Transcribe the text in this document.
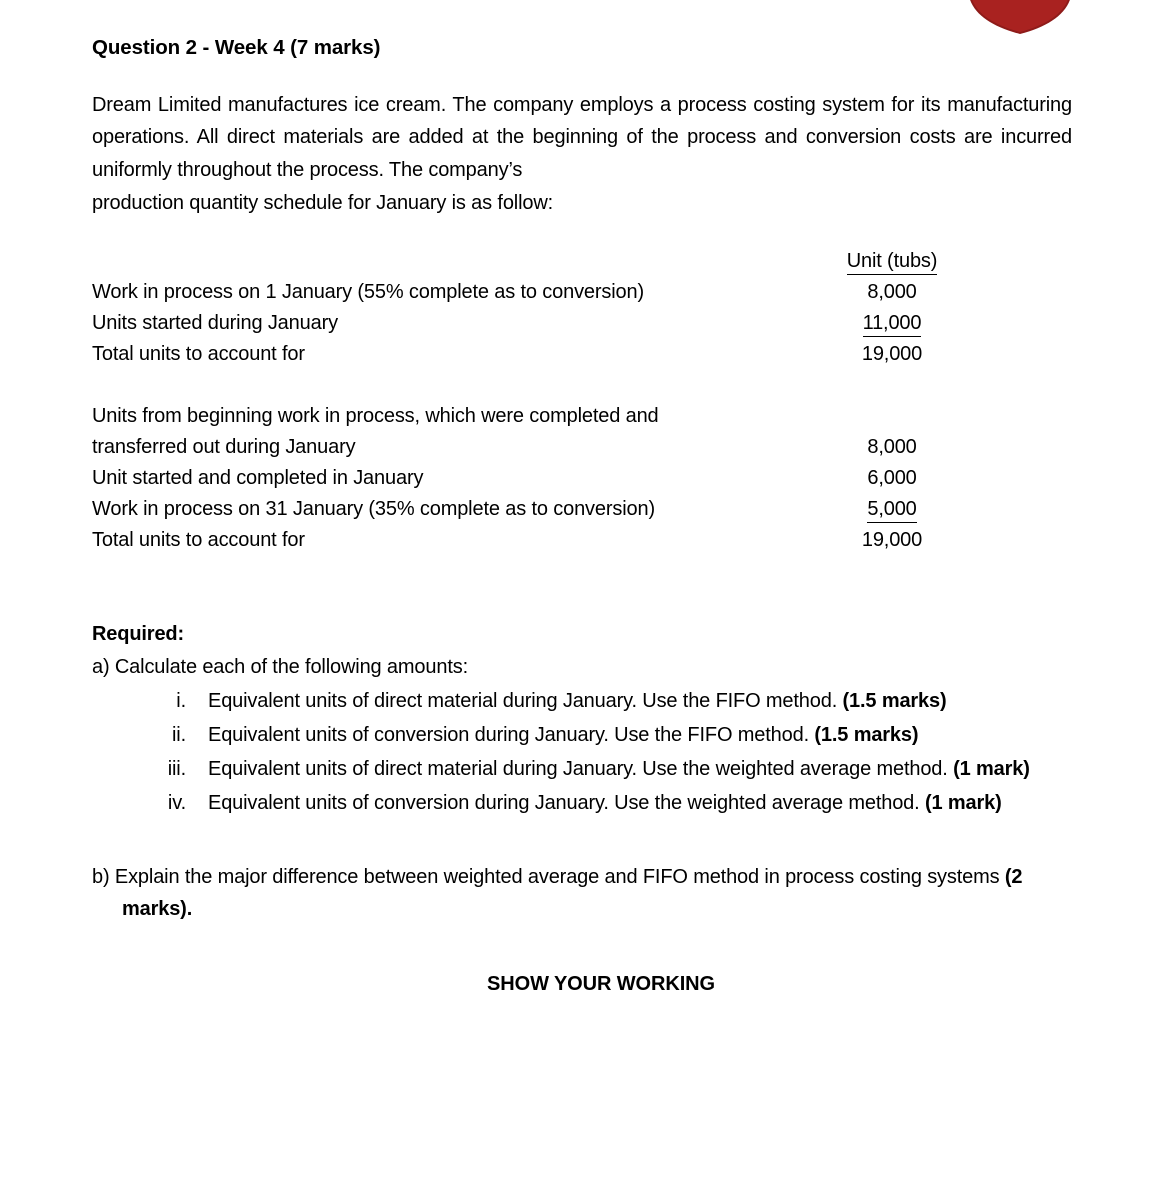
Question 2 - Week 4 (7 marks)
Dream Limited manufactures ice cream. The company employs a process costing system for its manufacturing operations. All direct materials are added at the beginning of the process and conversion costs are incurred uniformly throughout the process. The company’s
production quantity schedule for January is as follow:
Unit (tubs)
Work in process on 1 January (55% complete as to conversion)	8,000
Units started during January	11,000
Total units to account for	19,000
Units from beginning work in process, which were completed and
transferred out during January	8,000
Unit started and completed in January	6,000
Work in process on 31 January (35% complete as to conversion)	5,000
Total units to account for	19,000
Required:
a) Calculate each of the following amounts:
i. Equivalent units of direct material during January. Use the FIFO method. (1.5 marks)
ii. Equivalent units of conversion during January. Use the FIFO method. (1.5 marks)
iii. Equivalent units of direct material during January. Use the weighted average method. (1 mark)
iv. Equivalent units of conversion during January. Use the weighted average method. (1 mark)
b) Explain the major difference between weighted average and FIFO method in process costing systems (2 marks).
SHOW YOUR WORKING
